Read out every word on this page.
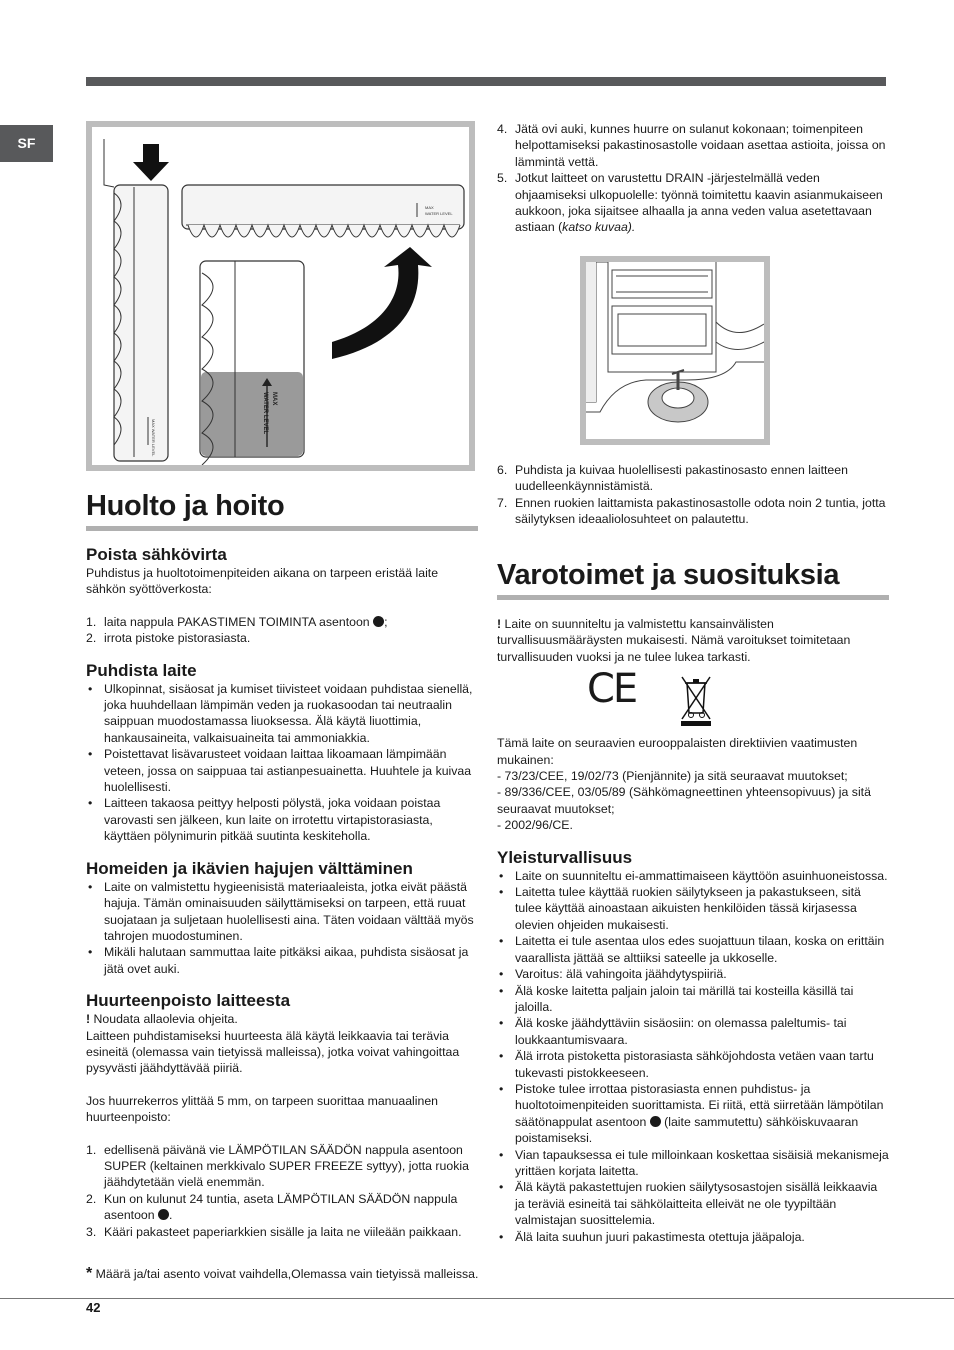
SF
MAX WATER LEVEL
MAX
WATER LEVEL
MAX
WATER LEVEL
Huolto ja hoito
Poista sähkövirta

Puhdistus ja huoltotoimenpiteiden aikana on tarpeen eristää laite sähkön syöttöverkosta:

1. laita nappula PAKASTIMEN TOIMINTA asentoon ;
2. irrota pistoke pistorasiasta.
Puhdista laite
• Ulkopinnat, sisäosat ja kumiset tiivisteet voidaan puhdistaa sienellä, joka huuhdellaan lämpimän veden ja ruokasoodan tai neutraalin saippuan muodostamassa liuoksessa. Älä käytä liuottimia, hankausaineita, valkaisuaineita tai ammoniakkia.
• Poistettavat lisävarusteet voidaan laittaa likoamaan lämpimään veteen, jossa on saippuaa tai astianpesuainetta. Huuhtele ja kuivaa huolellisesti.
• Laitteen takaosa peittyy helposti pölystä, joka voidaan poistaa varovasti sen jälkeen, kun laite on irrotettu virtapistorasiasta, käyttäen pölynimurin pitkää suutinta keskiteholla.
Homeiden ja ikävien hajujen välttäminen
• Laite on valmistettu hygieenisistä materiaaleista, jotka eivät päästä hajuja. Tämän ominaisuuden säilyttämiseksi on tarpeen, että ruuat suojataan ja suljetaan huolellisesti aina. Täten voidaan välttää myös tahrojen muodostuminen.
• Mikäli halutaan sammuttaa laite pitkäksi aikaa, puhdista sisäosat ja jätä ovet auki.
Huurteenpoisto laitteesta

! Noudata allaolevia ohjeita.

Laitteen puhdistamiseksi huurteesta älä käytä leikkaavia tai terävia esineitä (olemassa vain tietyissä malleissa), jotka voivat vahingoittaa pysyvästi jäähdyttävää piiriä.

Jos huurrekerros ylittää 5 mm, on tarpeen suorittaa manuaalinen huurteenpoisto:

1. edellisenä päivänä vie LÄMPÖTILAN SÄÄDÖN nappula asentoon SUPER (keltainen merkkivalo SUPER FREEZE syttyy), jotta ruokia jäähdytetään vielä enemmän.
2. Kun on kulunut 24 tuntia, aseta LÄMPÖTILAN SÄÄDÖN nappula asentoon .
3. Kääri pakasteet paperiarkkien sisälle ja laita ne viileään paikkaan.
* Määrä ja/tai asento voivat vaihdella,Olemassa vain tietyissä malleissa.
4. Jätä ovi auki, kunnes huurre on sulanut kokonaan; toimenpiteen helpottamiseksi pakastinosastolle voidaan asettaa astioita, joissa on lämmintä vettä.
5. Jotkut laitteet on varustettu DRAIN -järjestelmällä veden ohjaamiseksi ulkopuolelle: työnnä toimitettu kaavin asianmukaiseen aukkoon, joka sijaitsee alhaalla ja anna veden valua asetettavaan astiaan (katso kuvaa).
6. Puhdista ja kuivaa huolellisesti pakastinosasto ennen laitteen uudelleenkäynnistämistä.
7. Ennen ruokien laittamista pakastinosastolle odota noin 2 tuntia, jotta säilytyksen ideaaliolosuhteet on palautettu.
Varotoimet ja suosituksia

! Laite on suunniteltu ja valmistettu kansainvälisten turvallisuusmääräysten mukaisesti. Nämä varoitukset toimitetaan turvallisuuden vuoksi ja ne tulee lukea tarkasti.

CE

Tämä laite on seuraavien eurooppalaisten direktiivien vaatimusten mukainen:

- 73/23/CEE, 19/02/73 (Pienjännite) ja sitä seuraavat muutokset;

- 89/336/CEE, 03/05/89 (Sähkömagneettinen yhteensopivuus) ja sitä seuraavat muutokset;

- 2002/96/CE.

Yleisturvallisuus
• Laite on suunniteltu ei-ammattimaiseen käyttöön asuinhuoneistossa.
• Laitetta tulee käyttää ruokien säilytykseen ja pakastukseen, sitä tulee käyttää ainoastaan aikuisten henkilöiden tässä kirjasessa olevien ohjeiden mukaisesti.
• Laitetta ei tule asentaa ulos edes suojattuun tilaan, koska on erittäin vaarallista jättää se alttiiksi sateelle ja ukkoselle.
• Varoitus: älä vahingoita jäähdytyspiiriä.
• Älä koske laitetta paljain jaloin tai märillä tai kosteilla käsillä tai jaloilla.
• Älä koske jäähdyttäviin sisäosiin: on olemassa paleltumis- tai loukkaantumisvaara.
• Älä irrota pistoketta pistorasiasta sähköjohdosta vetäen vaan tartu tukevasti pistokkeeseen.
• Pistoke tulee irrottaa pistorasiasta ennen puhdistus- ja huoltotoimenpiteiden suorittamista. Ei riitä, että siirretään lämpötilan säätönappulat asentoon (laite sammutettu) sähköiskuvaaran poistamiseksi.
• Vian tapauksessa ei tule milloinkaan koskettaa sisäisiä mekanismeja yrittäen korjata laitetta.
• Älä käytä pakastettujen ruokien säilytysosastojen sisällä leikkaavia ja teräviä esineitä tai sähkölaitteita elleivät ne ole tyypiltään valmistajan suosittelemia.
• Älä laita suuhun juuri pakastimesta otettuja jääpaloja.
42
